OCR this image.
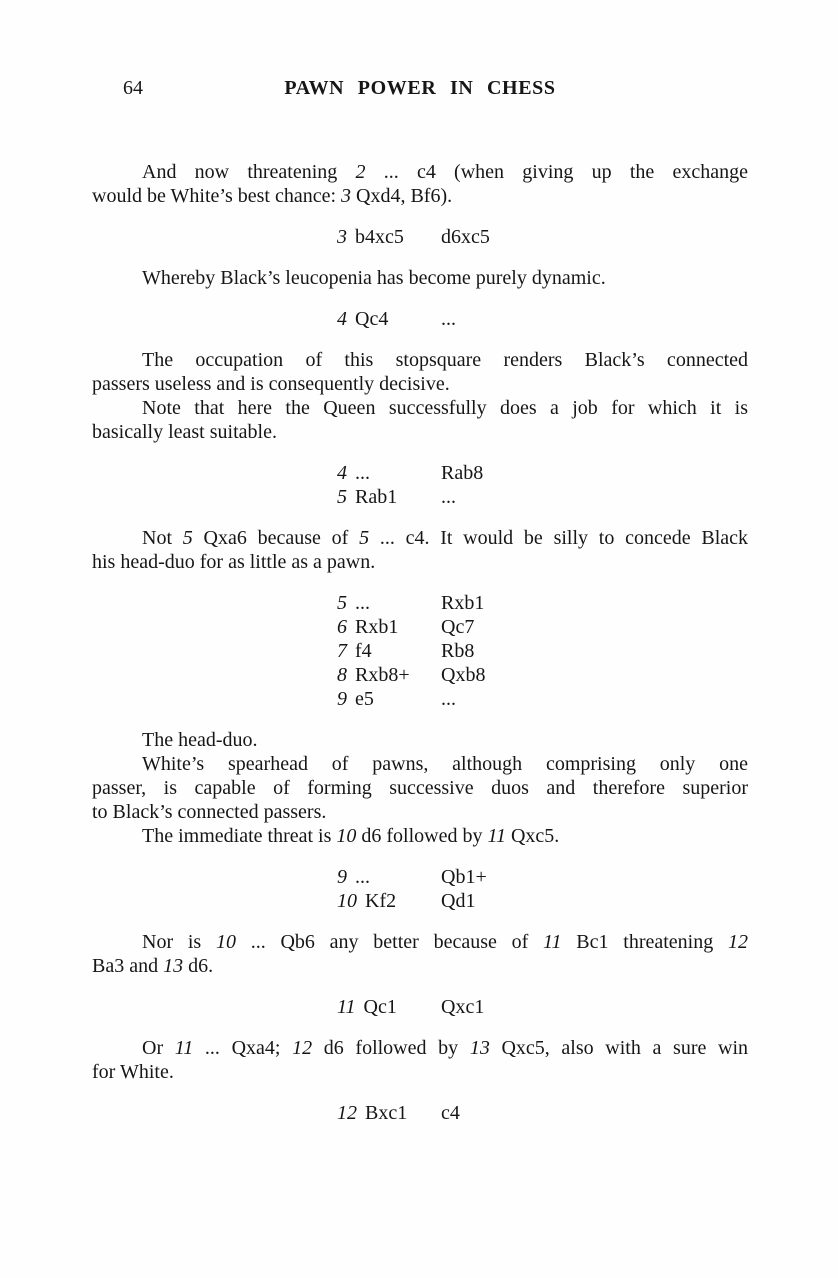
64	PAWN POWER IN CHESS
And now threatening 2 ... c4 (when giving up the exchange
would be White’s best chance: 3 Qxd4, Bf6).
3 b4xc5	d6xc5
Whereby Black’s leucopenia has become purely dynamic.
4 Qc4	...
The occupation of this stopsquare renders Black’s connected
passers useless and is consequently decisive.
Note that here the Queen successfully does a job for which it is
basically least suitable.
4 ...	Rab8
5 Rab1	...
Not 5 Qxa6 because of 5 ... c4. It would be silly to concede Black
his head-duo for as little as a pawn.
5 ...	Rxb1
6 Rxb1	Qc7
7 f4	Rb8
8 Rxb8+	Qxb8
9 e5	...
The head-duo.
White’s spearhead of pawns, although comprising only one
passer, is capable of forming successive duos and therefore superior
to Black’s connected passers.
The immediate threat is 10 d6 followed by 11 Qxc5.
9 ...	Qb1+
10 Kf2	Qd1
Nor is 10 ... Qb6 any better because of 11 Bc1 threatening 12
Ba3 and 13 d6.
11 Qc1	Qxc1
Or 11 ... Qxa4; 12 d6 followed by 13 Qxc5, also with a sure win
for White.
12 Bxc1	c4
